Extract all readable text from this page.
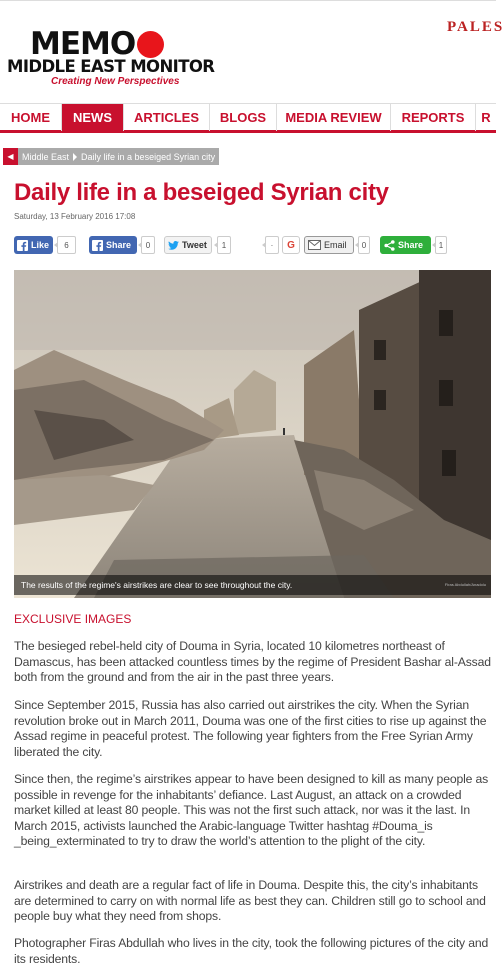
MEMO
MIDDLE EAST MONITOR
Creating New Perspectives
PALES
HOME	NEWS	ARTICLES	BLOGS	MEDIA REVIEW	REPORTS	R
◀ Middle East	Daily life in a beseiged Syrian city
Daily life in a beseiged Syrian city
Saturday, 13 February 2016 17:08
Like	6	Share	0	Tweet	1	·	G	Email	0	Share	1
The results of the regime's airstrikes are clear to see throughout the city.	Firas Abdullah/Anadolu
EXCLUSIVE IMAGES

The besieged rebel-held city of Douma in Syria, located 10 kilometres northeast of Damascus, has been attacked countless times by the regime of President Bashar al-Assad both from the ground and from the air in the past three years.

Since September 2015, Russia has also carried out airstrikes the city. When the Syrian revolution broke out in March 2011, Douma was one of the first cities to rise up against the Assad regime in peaceful protest. The following year fighters from the Free Syrian Army liberated the city.

Since then, the regime’s airstrikes appear to have been designed to kill as many people as possible in revenge for the inhabitants’ defiance. Last August, an attack on a crowded market killed at least 80 people. This was not the first such attack, nor was it the last. In March 2015, activists launched the Arabic-language Twitter hashtag #Douma_is _being_exterminated to try to draw the world’s attention to the plight of the city.

Airstrikes and death are a regular fact of life in Douma. Despite this, the city’s inhabitants are determined to carry on with normal life as best they can. Children still go to school and people buy what they need from shops.

Photographer Firas Abdullah who lives in the city, took the following pictures of the city and its residents.
